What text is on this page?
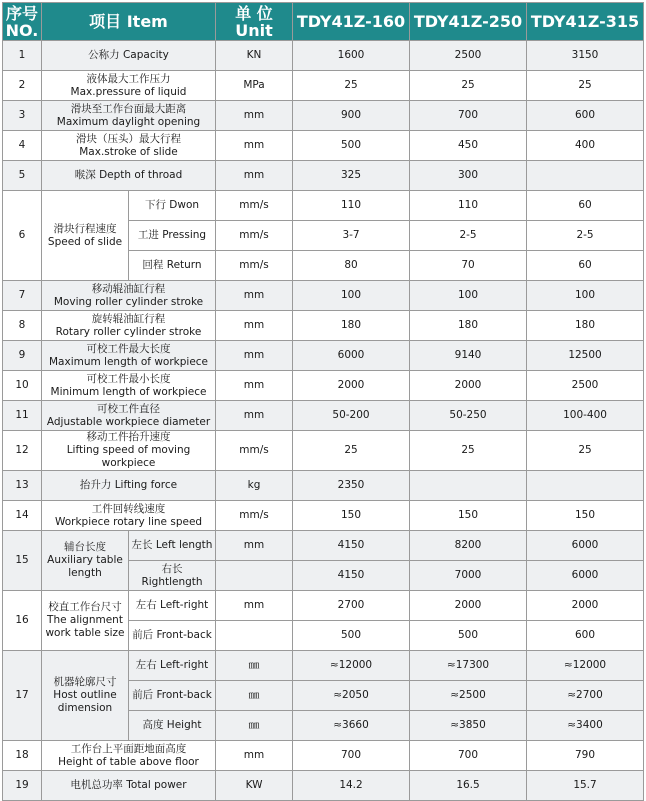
序号
NO.	项目 Item		单 位
Unit	TDY41Z-160	TDY41Z-250	TDY41Z-315
1	公称力 Capacity		KN	1600	2500	3150
2	液体最大工作压力
Max.pressure of liquid		MPa	25	25	25
3	滑块至工作台面最大距离
Maximum daylight opening		mm	900	700	600
4	滑块（压头）最大行程
Max.stroke of slide		mm	500	450	400
5	喉深 Depth of throad		mm	325	300	
6	滑块行程速度
Speed of slide	下行 Dwon	mm/s	110	110	60
		工进 Pressing	mm/s	3-7	2-5	2-5
		回程 Return	mm/s	80	70	60
7	移动辊油缸行程
Moving roller cylinder stroke		mm	100	100	100
8	旋转辊油缸行程
Rotary roller cylinder stroke		mm	180	180	180
9	可校工件最大长度
Maximum length of workpiece		mm	6000	9140	12500
10	可校工件最小长度
Minimum length of workpiece		mm	2000	2000	2500
11	可校工件直径
Adjustable workpiece diameter		mm	50-200	50-250	100-400
12	移动工件抬升速度
Lifting speed of moving workpiece		mm/s	25	25	25
13	抬升力 Lifting force		kg	2350		
14	工件回转线速度
Workpiece rotary line speed		mm/s	150	150	150
15	辅台长度
Auxiliary table length	左长 Left length	mm	4150	8200	6000
		右长 Rightlength		4150	7000	6000
16	校直工作台尺寸
The alignment work table size	左右 Left-right	mm	2700	2000	2000
		前后 Front-back		500	500	600
17	机器轮廓尺寸
Host outline dimension	左右 Left-right	㎜	≈12000	≈17300	≈12000
		前后 Front-back	㎜	≈2050	≈2500	≈2700
		高度 Height	㎜	≈3660	≈3850	≈3400
18	工作台上平面距地面高度
Height of table above floor		mm	700	700	790
19	电机总功率 Total power		KW	14.2	16.5	15.7
